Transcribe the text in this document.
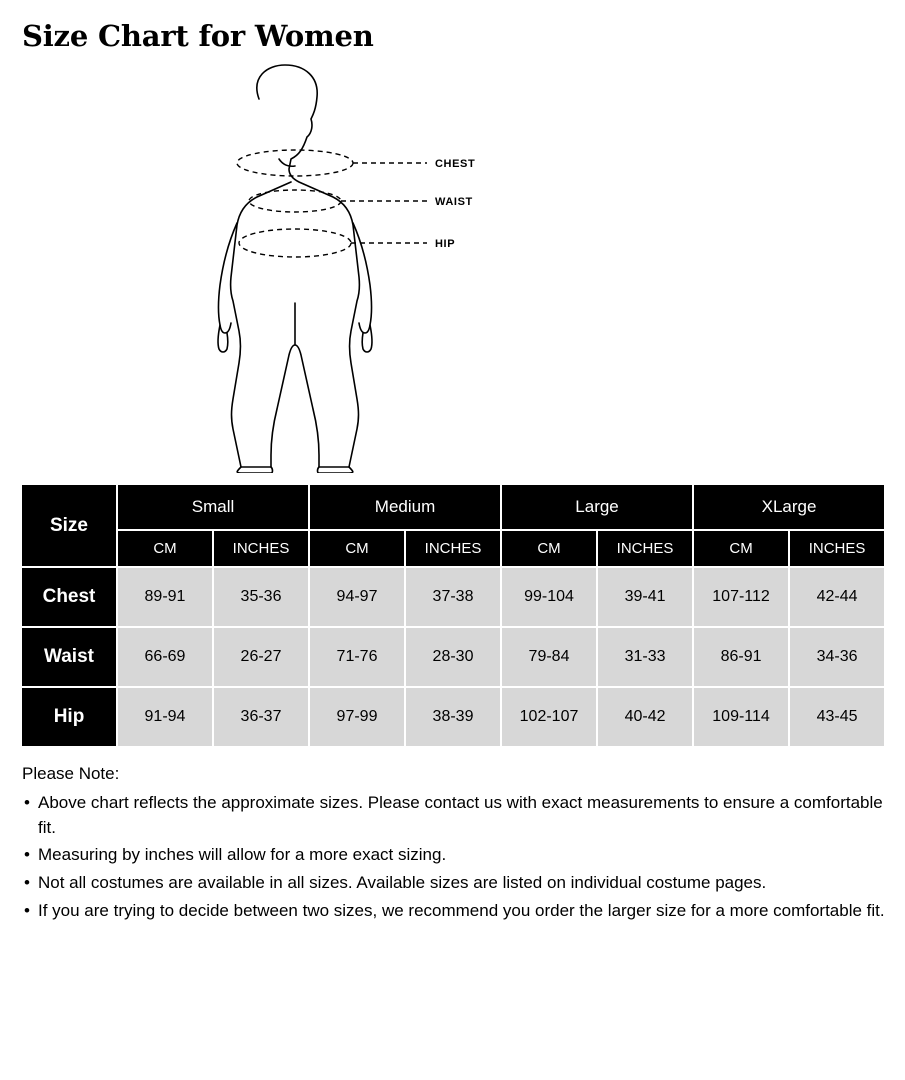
Size Chart for Women
CHEST
WAIST
HIP
Size	Small		Medium		Large		XLarge	
	CM	INCHES	CM	INCHES	CM	INCHES	CM	INCHES
Chest	89-91	35-36	94-97	37-38	99-104	39-41	107-112	42-44
Waist	66-69	26-27	71-76	28-30	79-84	31-33	86-91	34-36
Hip	91-94	36-37	97-99	38-39	102-107	40-42	109-114	43-45
Please Note:
• Above chart reflects the approximate sizes. Please contact us with exact measurements to ensure a comfortable fit.
• Measuring by inches will allow for a more exact sizing.
• Not all costumes are available in all sizes. Available sizes are listed on individual costume pages.
• If you are trying to decide between two sizes, we recommend you order the larger size for a more comfortable fit.
